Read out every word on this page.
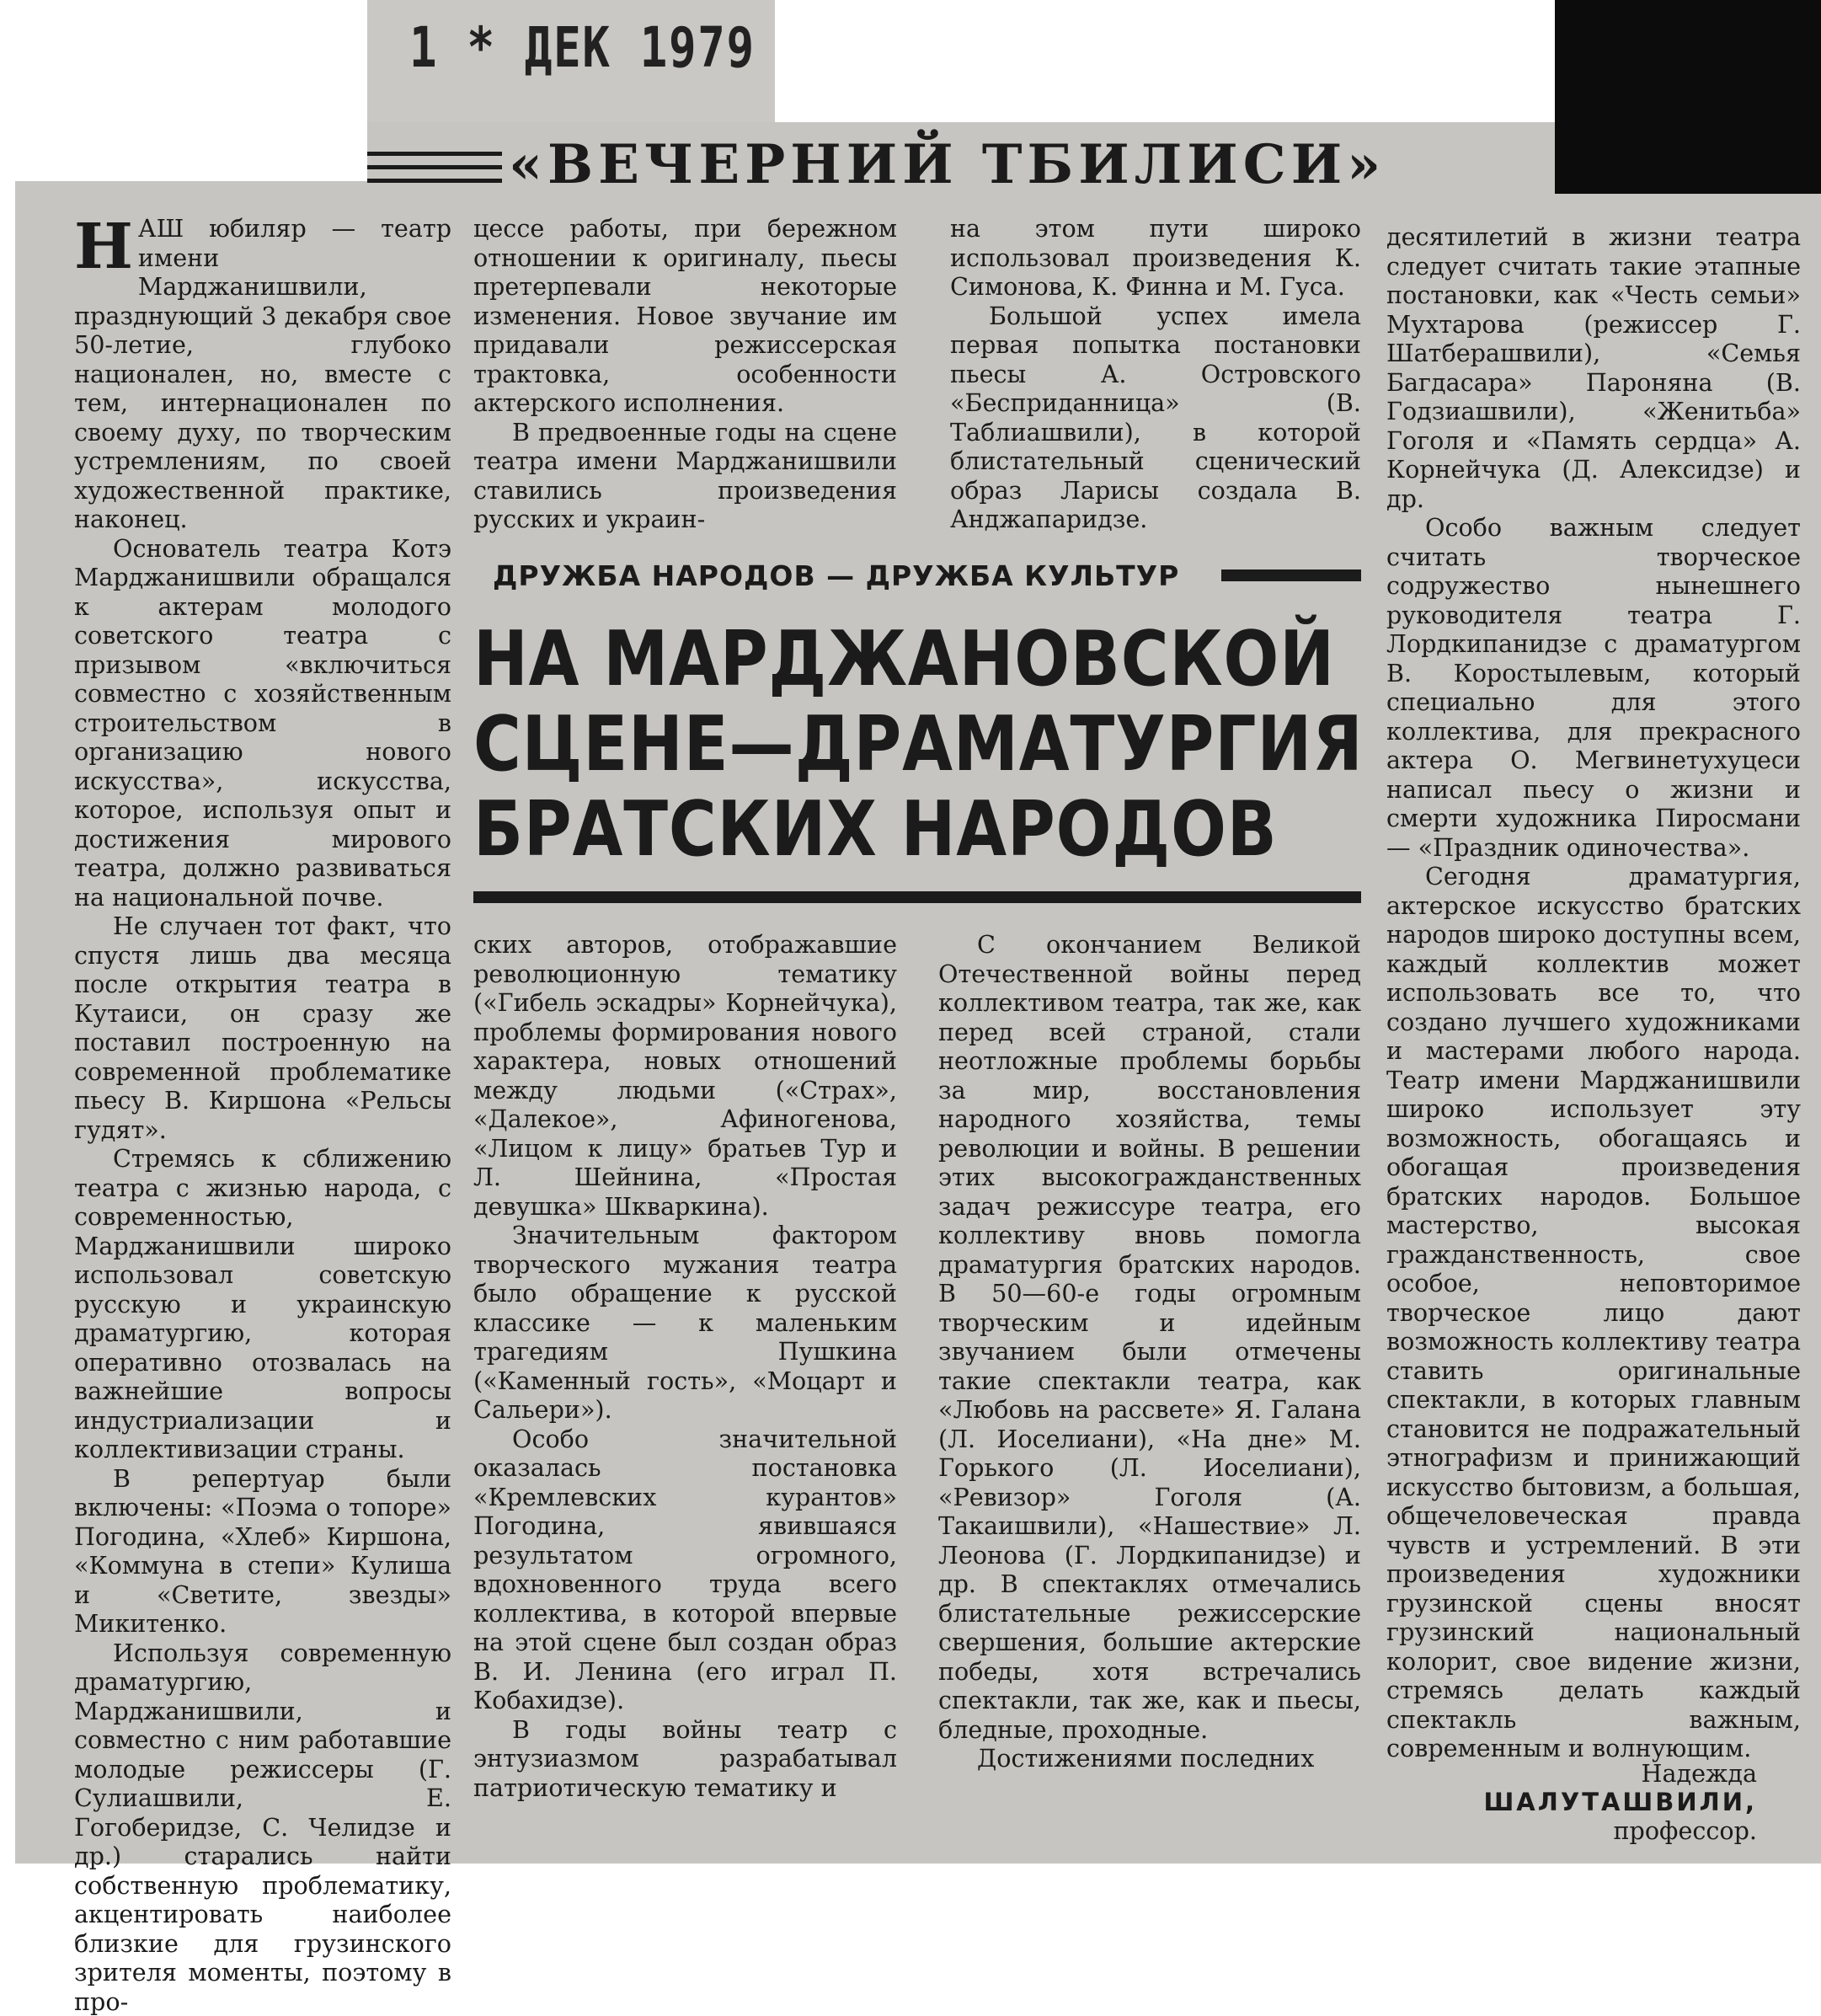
1 * ДЕК 1979
«ВЕЧЕРНИЙ ТБИЛИСИ»

НАШ юбиляр — театр имени Марджанишвили, празднующий 3 декабря свое 50-летие, глубоко национален, но, вместе с тем, интернационален по своему духу, по творческим устремлениям, по своей художественной практике, наконец.

Основатель театра Котэ Марджанишвили обращался к актерам молодого советского театра с призывом «включиться совместно с хозяйственным строительством в организацию нового искусства», искусства, которое, используя опыт и достижения мирового театра, должно развиваться на национальной почве.

Не случаен тот факт, что спустя лишь два месяца после открытия театра в Кутаиси, он сразу же поставил построенную на современной проблематике пьесу В. Киршона «Рельсы гудят».

Стремясь к сближению театра с жизнью народа, с современностью, Марджанишвили широко использовал советскую русскую и украинскую драматургию, которая оперативно отозвалась на важнейшие вопросы индустриализации и коллективизации страны.

В репертуар были включены: «Поэма о топоре» Погодина, «Хлеб» Киршона, «Коммуна в степи» Кулиша и «Светите, звезды» Микитенко.

Используя современную драматургию, Марджанишвили, и совместно с ним работавшие молодые режиссеры (Г. Сулиашвили, Е. Гогоберидзе, С. Челидзе и др.) старались найти собственную проблематику, акцентировать наиболее близкие для грузинского зрителя моменты, поэтому в про-

цессе работы, при бережном отношении к оригиналу, пьесы претерпевали некоторые изменения. Новое звучание им придавали режиссерская трактовка, особенности актерского исполнения.

В предвоенные годы на сцене театра имени Марджанишвили ставились произведения русских и украин-

на этом пути широко использовал произведения К. Симонова, К. Финна и М. Гуса.

Большой успех имела первая попытка постановки пьесы А. Островского «Бесприданница» (В. Таблиашвили), в которой блистательный сценический образ Ларисы создала В. Анджапаридзе.

ДРУЖБА НАРОДОВ — ДРУЖБА КУЛЬТУР
НА МАРДЖАНОВСКОЙ
СЦЕНЕ—ДРАМАТУРГИЯ
БРАТСКИХ НАРОДОВ

ских авторов, отображавшие революционную тематику («Гибель эскадры» Корнейчука), проблемы формирования нового характера, новых отношений между людьми («Страх», «Далекое», Афиногенова, «Лицом к лицу» братьев Тур и Л. Шейнина, «Простая девушка» Шкваркина).

Значительным фактором творческого мужания театра было обращение к русской классике — к маленьким трагедиям Пушкина («Каменный гость», «Моцарт и Сальери»).

Особо значительной оказалась постановка «Кремлевских курантов» Погодина, явившаяся результатом огромного, вдохновенного труда всего коллектива, в которой впервые на этой сцене был создан образ В. И. Ленина (его играл П. Кобахидзе).

В годы войны театр с энтузиазмом разрабатывал патриотическую тематику и

С окончанием Великой Отечественной войны перед коллективом театра, так же, как перед всей страной, стали неотложные проблемы борьбы за мир, восстановления народного хозяйства, темы революции и войны. В решении этих высокогражданственных задач режиссуре театра, его коллективу вновь помогла драматургия братских народов. В 50—60-е годы огромным творческим и идейным звучанием были отмечены такие спектакли театра, как «Любовь на рассвете» Я. Галана (Л. Иоселиани), «На дне» М. Горького (Л. Иоселиани), «Ревизор» Гоголя (А. Такаишвили), «Нашествие» Л. Леонова (Г. Лордкипанидзе) и др. В спектаклях отмечались блистательные режиссерские свершения, большие актерские победы, хотя встречались спектакли, так же, как и пьесы, бледные, проходные.

Достижениями последних

десятилетий в жизни театра следует считать такие этапные постановки, как «Честь семьи» Мухтарова (режиссер Г. Шатберашвили), «Семья Багдасара» Пароняна (В. Годзиашвили), «Женитьба» Гоголя и «Память сердца» А. Корнейчука (Д. Алексидзе) и др.

Особо важным следует считать творческое содружество нынешнего руководителя театра Г. Лордкипанидзе с драматургом В. Коростылевым, который специально для этого коллектива, для прекрасного актера О. Мегвинетухуцеси написал пьесу о жизни и смерти художника Пиросмани — «Праздник одиночества».

Сегодня драматургия, актерское искусство братских народов широко доступны всем, каждый коллектив может использовать все то, что создано лучшего художниками и мастерами любого народа. Театр имени Марджанишвили широко использует эту возможность, обогащаясь и обогащая произведения братских народов. Большое мастерство, высокая гражданственность, свое особое, неповторимое творческое лицо дают возможность коллективу театра ставить оригинальные спектакли, в которых главным становится не подражательный этнографизм и принижающий искусство бытовизм, а большая, общечеловеческая правда чувств и устремлений. В эти произведения художники грузинской сцены вносят грузинский национальный колорит, свое видение жизни, стремясь делать каждый спектакль важным, современным и волнующим.

Надежда
ШАЛУТАШВИЛИ,
профессор.
